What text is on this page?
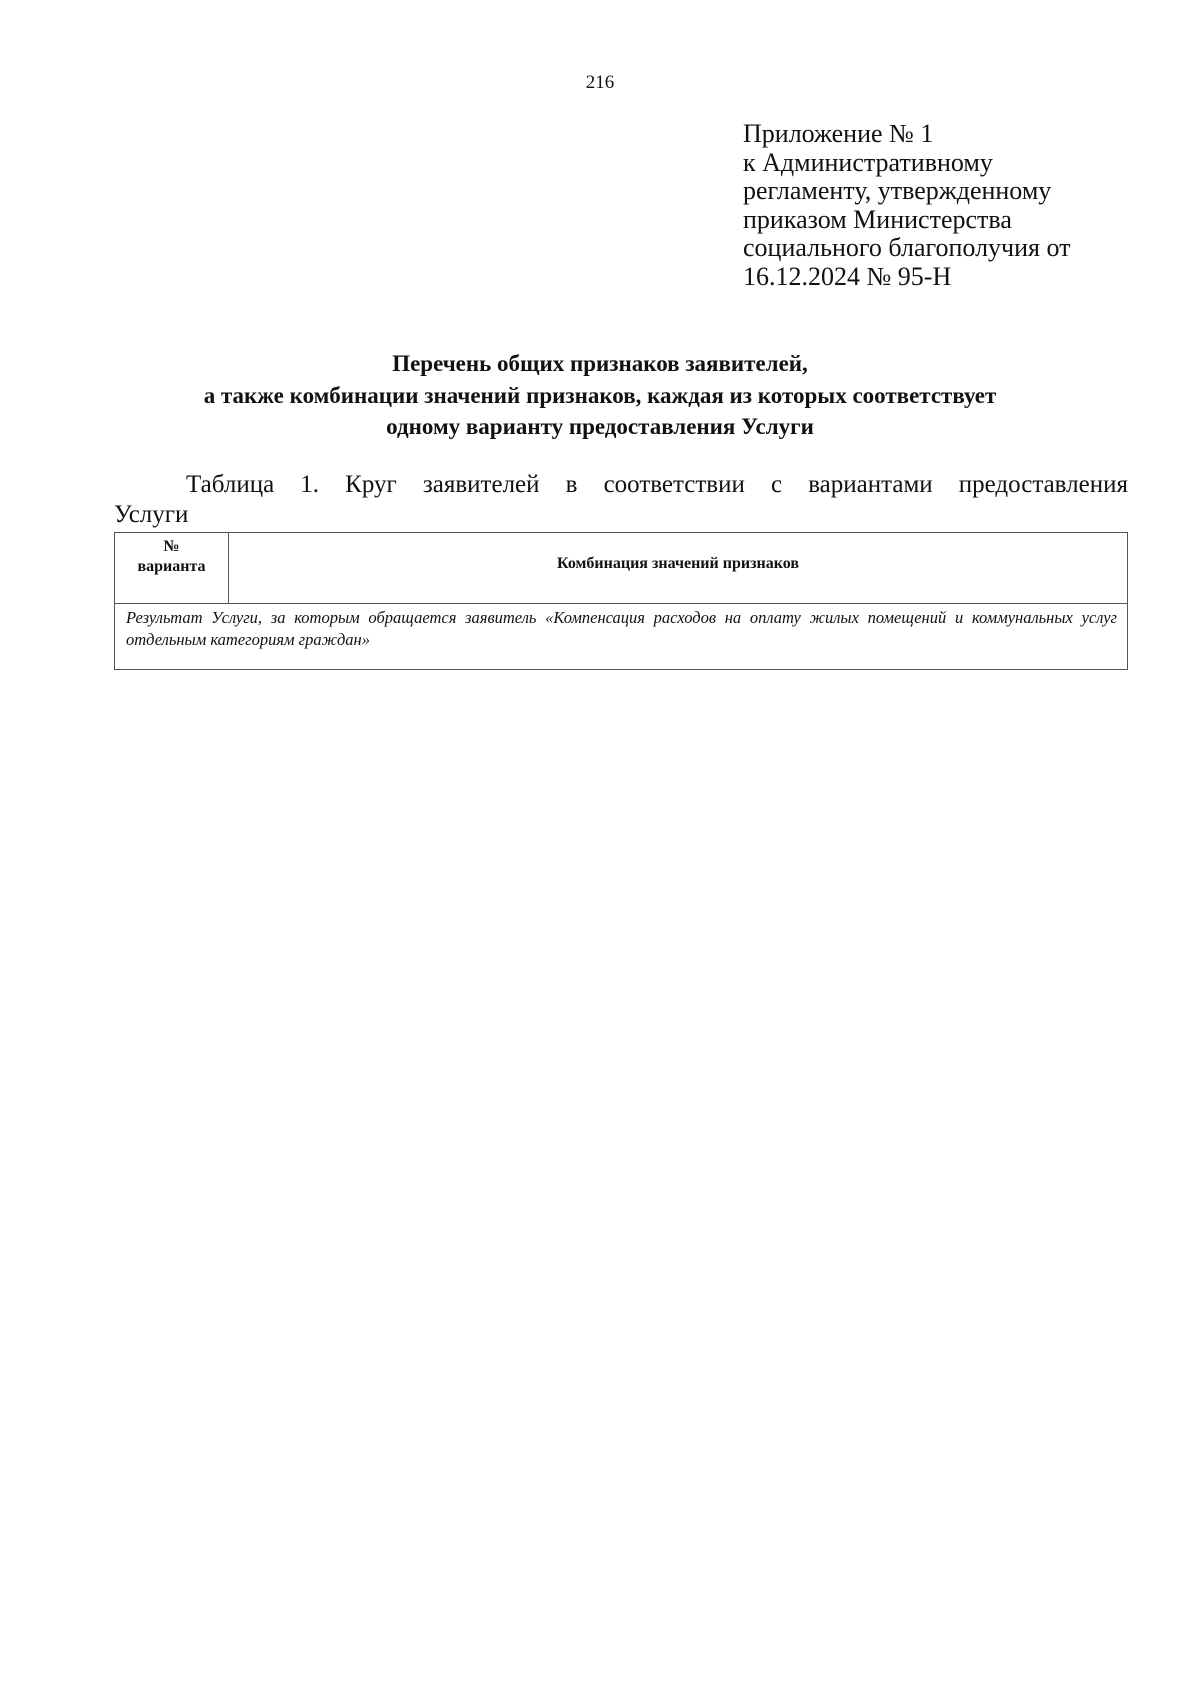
216
Приложение № 1
к Административному
регламенту, утвержденному
приказом Министерства
социального благополучия от
16.12.2024 № 95-Н
Перечень общих признаков заявителей,
а также комбинации значений признаков, каждая из которых соответствует
одному варианту предоставления Услуги
Таблица 1. Круг заявителей в соответствии с вариантами предоставления
Услуги
№
варианта	Комбинация значений признаков
Результат Услуги, за которым обращается заявитель «Компенсация расходов на оплату жилых помещений и коммунальных услуг отдельным категориям граждан»
